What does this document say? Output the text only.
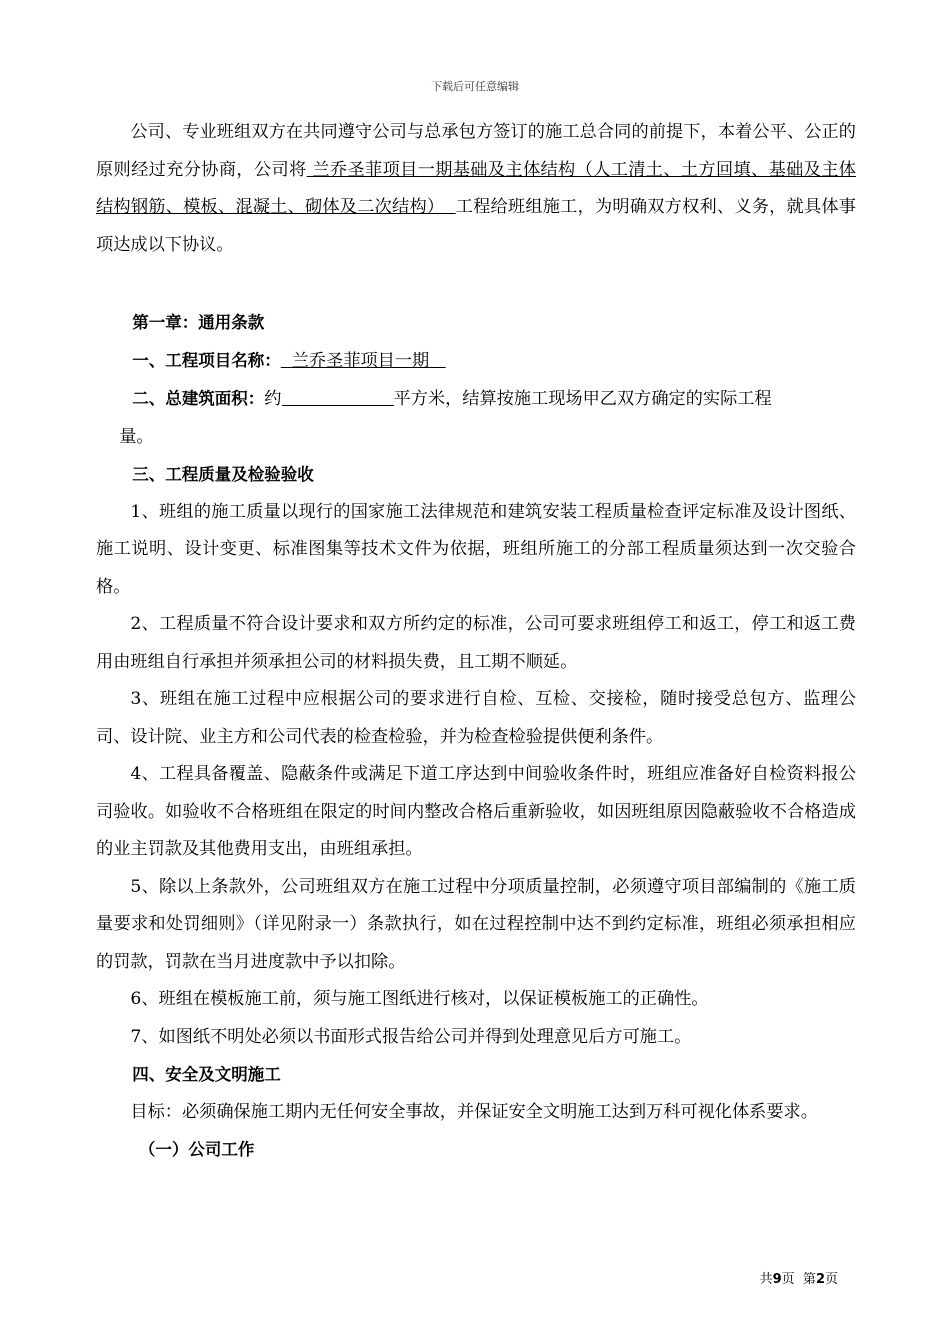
下载后可任意编辑

公司、专业班组双方在共同遵守公司与总承包方签订的施工总合同的前提下，本着公平、公正的原则经过充分协商，公司将 兰乔圣菲项目一期基础及主体结构（人工清土、土方回填、基础及主体结构钢筋、模板、混凝土、砌体及二次结构） 工程给班组施工，为明确双方权利、义务，就具体事项达成以下协议。

第一章：通用条款

一、工程项目名称： 兰乔圣菲项目一期

二、总建筑面积：约	平方米，结算按施工现场甲乙双方确定的实际工程

量。

三、工程质量及检验验收

1、班组的施工质量以现行的国家施工法律规范和建筑安装工程质量检查评定标准及设计图纸、施工说明、设计变更、标准图集等技术文件为依据，班组所施工的分部工程质量须达到一次交验合格。

2、工程质量不符合设计要求和双方所约定的标准，公司可要求班组停工和返工，停工和返工费用由班组自行承担并须承担公司的材料损失费，且工期不顺延。

3、班组在施工过程中应根据公司的要求进行自检、互检、交接检，随时接受总包方、监理公司、设计院、业主方和公司代表的检查检验，并为检查检验提供便利条件。

4、工程具备覆盖、隐蔽条件或满足下道工序达到中间验收条件时，班组应准备好自检资料报公司验收。如验收不合格班组在限定的时间内整改合格后重新验收，如因班组原因隐蔽验收不合格造成的业主罚款及其他费用支出，由班组承担。

5、除以上条款外，公司班组双方在施工过程中分项质量控制，必须遵守项目部编制的《施工质量要求和处罚细则》（详见附录一）条款执行，如在过程控制中达不到约定标准，班组必须承担相应的罚款，罚款在当月进度款中予以扣除。

6、班组在模板施工前，须与施工图纸进行核对，以保证模板施工的正确性。

7、如图纸不明处必须以书面形式报告给公司并得到处理意见后方可施工。

四、安全及文明施工

目标：必须确保施工期内无任何安全事故，并保证安全文明施工达到万科可视化体系要求。

（一）公司工作

共9页 第2页
